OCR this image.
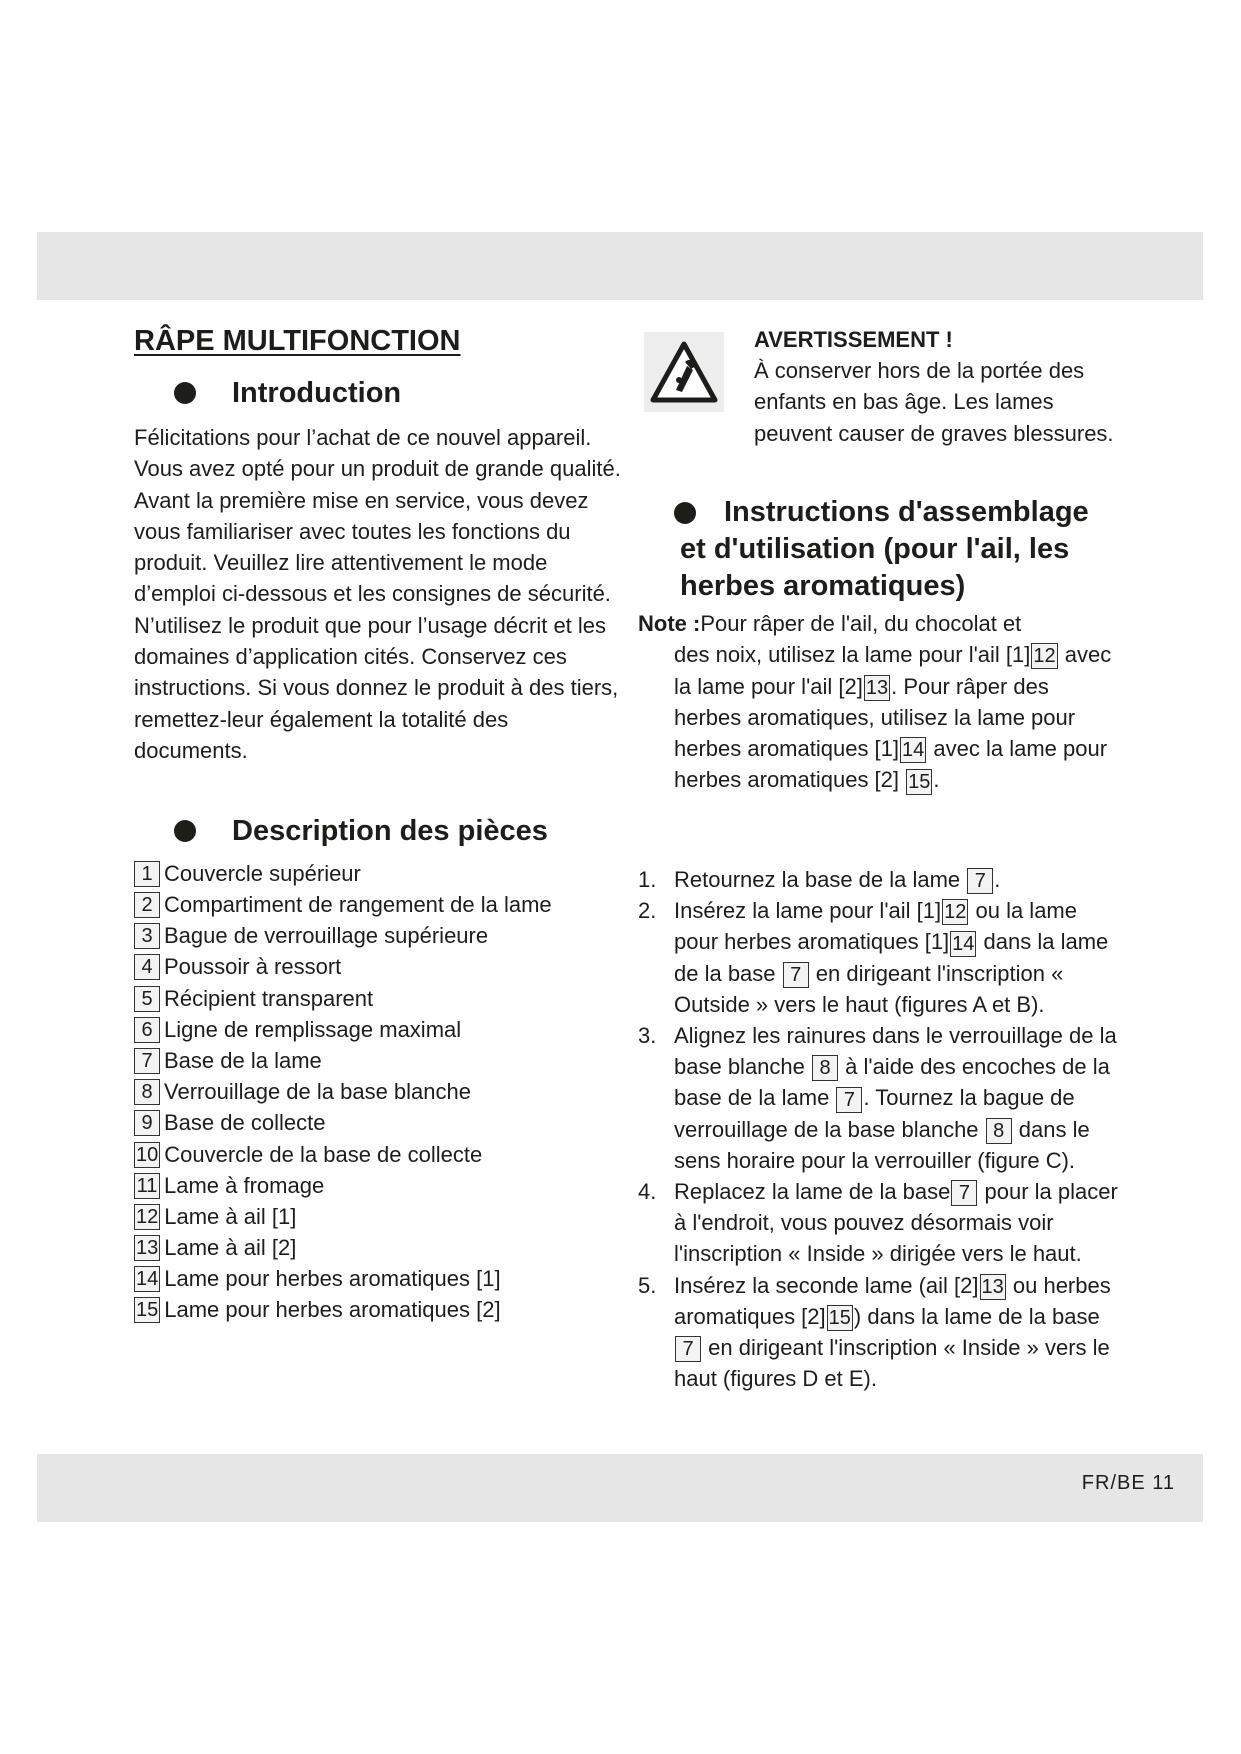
FR/BE 11
RÂPE MULTIFONCTION
Introduction

Félicitations pour l’achat de ce nouvel appareil. Vous avez opté pour un produit de grande qualité. Avant la première mise en service, vous devez vous familiariser avec toutes les fonctions du produit. Veuillez lire attentivement le mode d’emploi ci-dessous et les consignes de sécurité. N’utilisez le produit que pour l’usage décrit et les domaines d’application cités. Conservez ces instructions. Si vous donnez le produit à des tiers, remettez-leur également la totalité des documents.

Description des pièces
1 Couvercle supérieur
2 Compartiment de rangement de la lame
3 Bague de verrouillage supérieure
4 Poussoir à ressort
5 Récipient transparent
6 Ligne de remplissage maximal
7 Base de la lame
8 Verrouillage de la base blanche
9 Base de collecte
10 Couvercle de la base de collecte
11 Lame à fromage
12 Lame à ail [1]
13 Lame à ail [2]
14 Lame pour herbes aromatiques [1]
15 Lame pour herbes aromatiques [2]
AVERTISSEMENT !

À conserver hors de la portée des enfants en bas âge. Les lames peuvent causer de graves blessures.

Instructions d'assemblage
et d'utilisation (pour l'ail, les herbes aromatiques)
Note :Pour râper de l'ail, du chocolat et
des noix, utilisez la lame pour l'ail [1] 12 avec la lame pour l'ail [2] 13 . Pour râper des herbes aromatiques, utilisez la lame pour herbes aromatiques [1] 14 avec la lame pour herbes aromatiques [2] 15 .
1. Retournez la base de la lame 7 .
2. Insérez la lame pour l'ail [1] 12 ou la lame pour herbes aromatiques [1] 14 dans la lame de la base 7 en dirigeant l'inscription « Outside » vers le haut (figures A et B).
3. Alignez les rainures dans le verrouillage de la base blanche 8 à l'aide des encoches de la base de la lame 7 . Tournez la bague de verrouillage de la base blanche 8 dans le sens horaire pour la verrouiller (figure C).
4. Replacez la lame de la base 7 pour la placer à l'endroit, vous pouvez désormais voir l'inscription « Inside » dirigée vers le haut.
5. Insérez la seconde lame (ail [2] 13 ou herbes aromatiques [2] 15 ) dans la lame de la base7 en dirigeant l'inscription « Inside » vers le haut (figures D et E).
